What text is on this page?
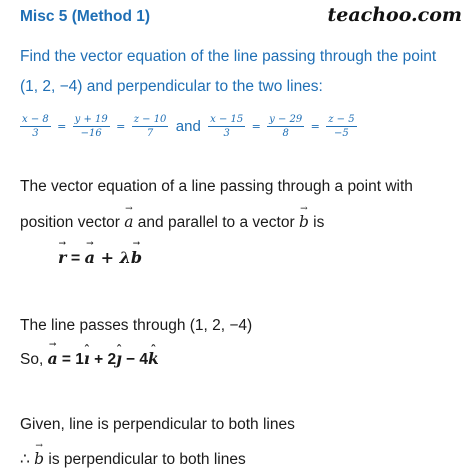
Misc 5 (Method 1)	teachoo.com
Find the vector equation of the line passing through the point
(1, 2, −4) and perpendicular to the two lines:
$\frac{x - 8}{3} = \frac{y + 19}{-16} = \frac{z - 10}{7}$ and $\frac{x - 15}{3} = \frac{y - 29}{8} = \frac{z - 5}{-5}$
The vector equation of a line passing through a point with
position vector → a and parallel to a vector → b is
→ r = → a + λ→ b
The line passes through (1, 2, −4)
So, → a = 1ˆ ı + 2ˆ ȷ − 4ˆ k
Given, line is perpendicular to both lines
∴ → b is perpendicular to both lines
